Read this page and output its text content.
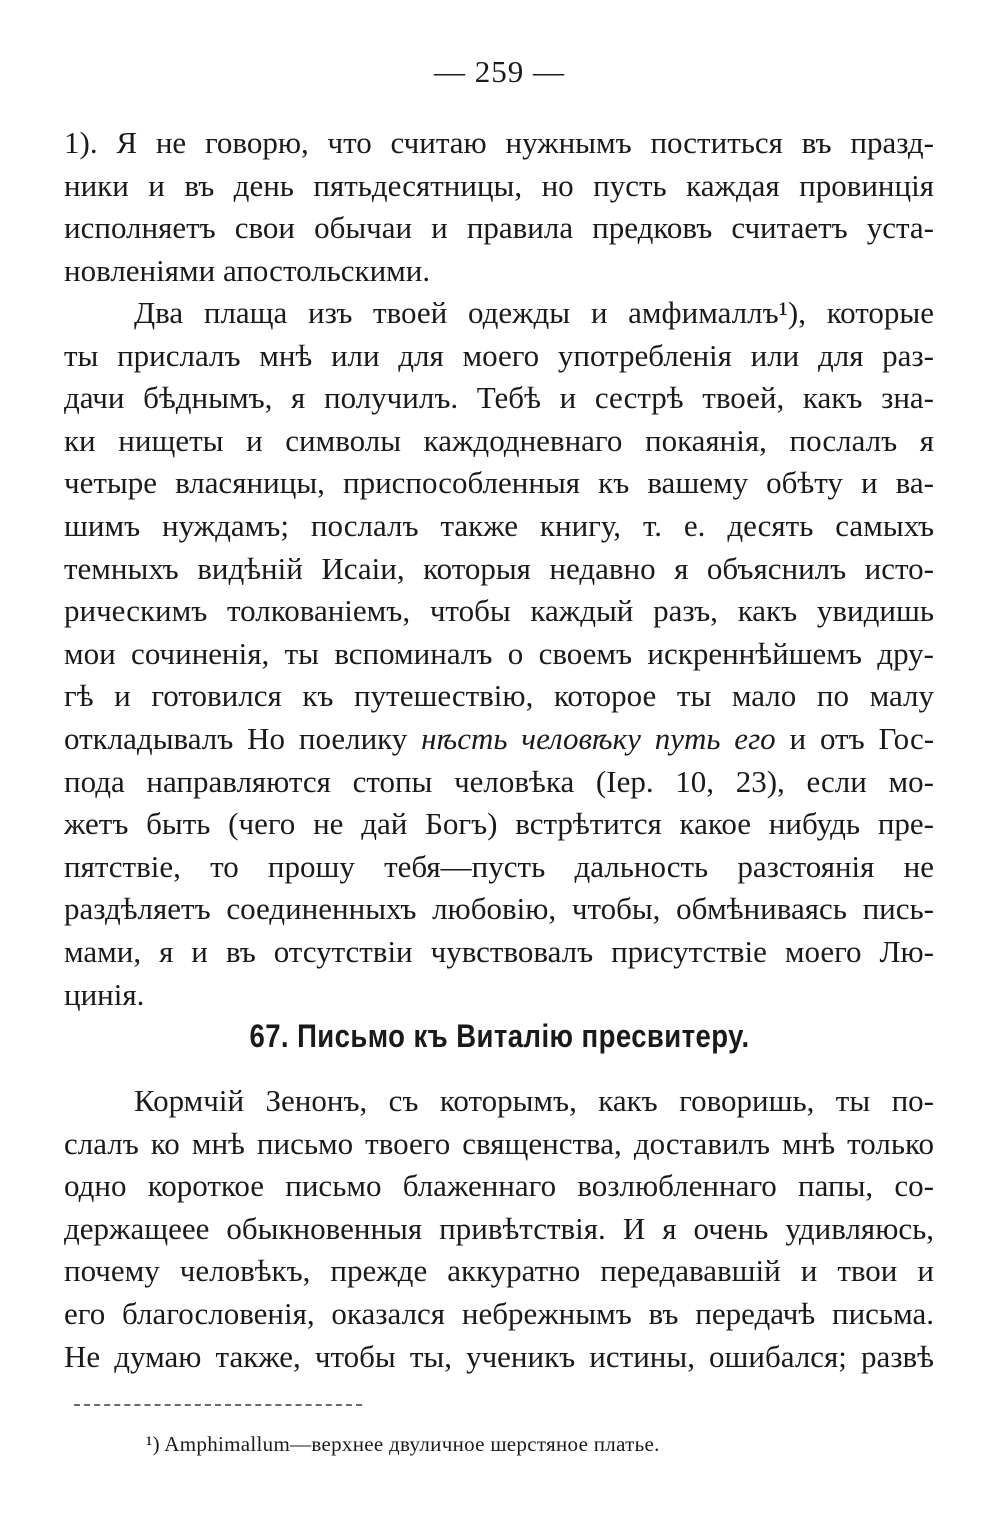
— 259 —
1). Я не говорю, что считаю нужнымъ поститься въ празд-
ники и въ день пятьдесятницы, но пусть каждая провинція
исполняетъ свои обычаи и правила предковъ считаетъ уста-
новленіями апостольскими.
Два плаща изъ твоей одежды и амфималлъ¹), которые
ты прислалъ мнѣ или для моего употребленія или для раз-
дачи бѣднымъ, я получилъ. Тебѣ и сестрѣ твоей, какъ зна-
ки нищеты и символы каждодневнаго покаянія, послалъ я
четыре власяницы, приспособленныя къ вашему обѣту и ва-
шимъ нуждамъ; послалъ также книгу, т. е. десять самыхъ
темныхъ видѣній Исаіи, которыя недавно я объяснилъ исто-
рическимъ толкованіемъ, чтобы каждый разъ, какъ увидишь
мои сочиненія, ты вспоминалъ о своемъ искреннѣйшемъ дру-
гѣ и готовился къ путешествію, которое ты мало по малу
откладывалъ Но поелику нѣсть человѣку путь его и отъ Гос-
пода направляются стопы человѣка (Іер. 10, 23), если мо-
жетъ быть (чего не дай Богъ) встрѣтится какое нибудь пре-
пятствіе, то прошу тебя—пусть дальность разстоянія не
раздѣляетъ соединенныхъ любовію, чтобы, обмѣниваясь пись-
мами, я и въ отсутствіи чувствовалъ присутствіе моего Лю-
цинія.
67. Письмо къ Виталію пресвитеру.
Кормчій Зенонъ, съ которымъ, какъ говоришь, ты по-
слалъ ко мнѣ письмо твоего священства, доставилъ мнѣ только
одно короткое письмо блаженнаго возлюбленнаго папы, со-
держащееe обыкновенныя привѣтствія. И я очень удивляюсь,
почему человѣкъ, прежде аккуратно передававшій и твои и
его благословенія, оказался небрежнымъ въ передачѣ письма.
Не думаю также, чтобы ты, ученикъ истины, ошибался; развѣ
¹) Amphimallum—верхнее двуличное шерстяное платье.
